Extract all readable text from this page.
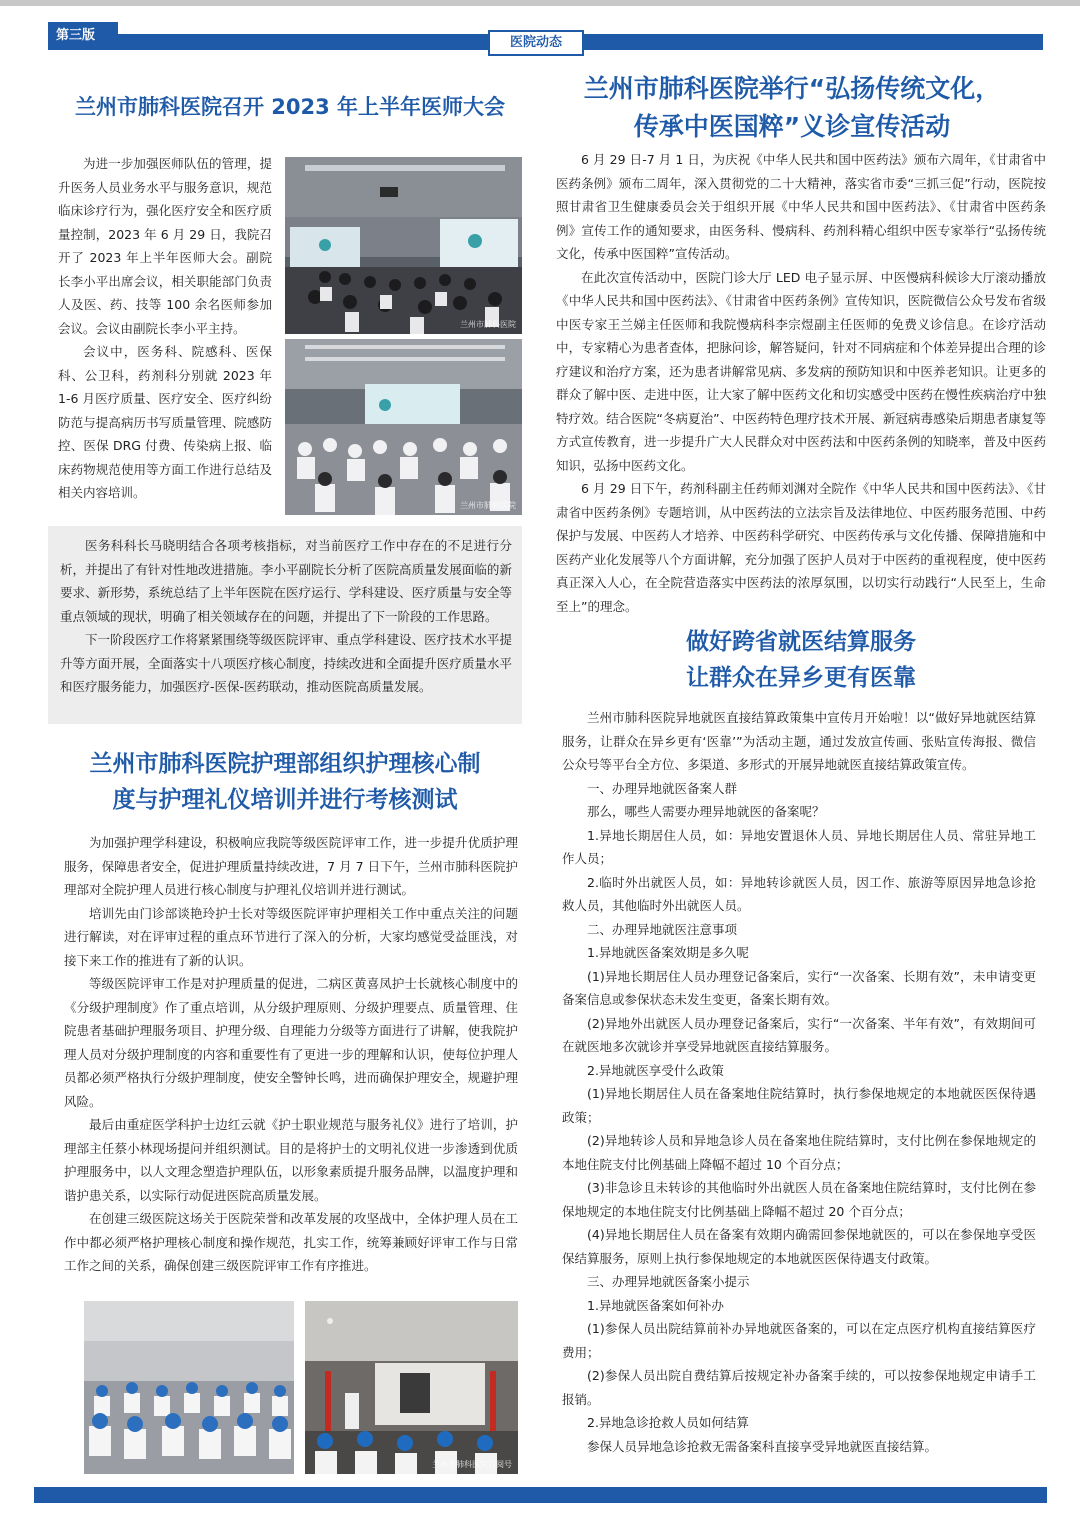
第三版	医院动态
兰州市肺科医院召开 2023 年上半年医师大会

为进一步加强医师队伍的管理，提升医务人员业务水平与服务意识，规范临床诊疗行为，强化医疗安全和医疗质量控制，2023 年 6 月 29 日，我院召开了 2023 年上半年医师大会。副院长李小平出席会议，相关职能部门负责人及医、药、技等 100 余名医师参加会议。会议由副院长李小平主持。

会议中，医务科、院感科、医保科、公卫科，药剂科分别就 2023 年 1-6 月医疗质量、医疗安全、医疗纠纷防范与提高病历书写质量管理、院感防控、医保 DRG 付费、传染病上报、临床药物规范使用等方面工作进行总结及相关内容培训。

兰州市肺科医院
兰州市肺科医院

医务科科长马晓明结合各项考核指标，对当前医疗工作中存在的不足进行分析，并提出了有针对性地改进措施。李小平副院长分析了医院高质量发展面临的新要求、新形势，系统总结了上半年医院在医疗运行、学科建设、医疗质量与安全等重点领域的现状，明确了相关领域存在的问题，并提出了下一阶段的工作思路。

下一阶段医疗工作将紧紧围绕等级医院评审、重点学科建设、医疗技术水平提升等方面开展，全面落实十八项医疗核心制度，持续改进和全面提升医疗质量水平和医疗服务能力，加强医疗-医保-医药联动，推动医院高质量发展。

兰州市肺科医院护理部组织护理核心制
度与护理礼仪培训并进行考核测试

为加强护理学科建设，积极响应我院等级医院评审工作，进一步提升优质护理服务，保障患者安全，促进护理质量持续改进，7 月 7 日下午，兰州市肺科医院护理部对全院护理人员进行核心制度与护理礼仪培训并进行测试。

培训先由门诊部谈艳玲护士长对等级医院评审护理相关工作中重点关注的问题进行解读，对在评审过程的重点环节进行了深入的分析，大家均感觉受益匪浅，对接下来工作的推进有了新的认识。

等级医院评审工作是对护理质量的促进，二病区黄喜凤护士长就核心制度中的《分级护理制度》作了重点培训，从分级护理原则、分级护理要点、质量管理、住院患者基础护理服务项目、护理分级、自理能力分级等方面进行了讲解，使我院护理人员对分级护理制度的内容和重要性有了更进一步的理解和认识，使每位护理人员都必须严格执行分级护理制度，使安全警钟长鸣，进而确保护理安全，规避护理风险。

最后由重症医学科护士边红云就《护士职业规范与服务礼仪》进行了培训，护理部主任蔡小林现场提问并组织测试。目的是将护士的文明礼仪进一步渗透到优质护理服务中，以人文理念塑造护理队伍，以形象素质提升服务品牌，以温度护理和谐护患关系，以实际行动促进医院高质量发展。

在创建三级医院这场关于医院荣誉和改革发展的攻坚战中，全体护理人员在工作中都必须严格护理核心制度和操作规范，扎实工作，统筹兼顾好评审工作与日常工作之间的关系，确保创建三级医院评审工作有序推进。

兰州市肺科医院订阅号
兰州市肺科医院举行“弘扬传统文化，
传承中医国粹”义诊宣传活动

6 月 29 日-7 月 1 日，为庆祝《中华人民共和国中医药法》颁布六周年，《甘肃省中医药条例》颁布二周年，深入贯彻党的二十大精神，落实省市委“三抓三促”行动，医院按照甘肃省卫生健康委员会关于组织开展《中华人民共和国中医药法》、《甘肃省中医药条例》宣传工作的通知要求，由医务科、慢病科、药剂科精心组织中医专家举行“弘扬传统文化，传承中医国粹”宣传活动。

在此次宣传活动中，医院门诊大厅 LED 电子显示屏、中医慢病科候诊大厅滚动播放《中华人民共和国中医药法》、《甘肃省中医药条例》宣传知识，医院微信公众号发布省级中医专家王兰娣主任医师和我院慢病科李宗煜副主任医师的免费义诊信息。在诊疗活动中，专家精心为患者查体，把脉问诊，解答疑问，针对不同病症和个体差异提出合理的诊疗建议和治疗方案，还为患者讲解常见病、多发病的预防知识和中医养老知识。让更多的群众了解中医、走进中医，让大家了解中医药文化和切实感受中医药在慢性疾病治疗中独特疗效。结合医院“冬病夏治”、中医药特色理疗技术开展、新冠病毒感染后期患者康复等方式宣传教育，进一步提升广大人民群众对中医药法和中医药条例的知晓率，普及中医药知识，弘扬中医药文化。

6 月 29 日下午，药剂科副主任药师刘渊对全院作《中华人民共和国中医药法》、《甘肃省中医药条例》专题培训，从中医药法的立法宗旨及法律地位、中医药服务范围、中药保护与发展、中医药人才培养、中医药科学研究、中医药传承与文化传播、保障措施和中医药产业化发展等八个方面讲解，充分加强了医护人员对于中医药的重视程度，使中医药真正深入人心，在全院营造落实中医药法的浓厚氛围，以切实行动践行“人民至上，生命至上”的理念。

做好跨省就医结算服务
让群众在异乡更有医靠

兰州市肺科医院异地就医直接结算政策集中宣传月开始啦！以“做好异地就医结算服务，让群众在异乡更有‘医靠’”为活动主题，通过发放宣传画、张贴宣传海报、微信公众号等平台全方位、多渠道、多形式的开展异地就医直接结算政策宣传。

一、办理异地就医备案人群

那么，哪些人需要办理异地就医的备案呢？

1.异地长期居住人员，如：异地安置退休人员、异地长期居住人员、常驻异地工作人员；

2.临时外出就医人员，如：异地转诊就医人员，因工作、旅游等原因异地急诊抢救人员，其他临时外出就医人员。

二、办理异地就医注意事项

1.异地就医备案效期是多久呢

(1)异地长期居住人员办理登记备案后，实行“一次备案、长期有效”，未申请变更备案信息或参保状态未发生变更，备案长期有效。

(2)异地外出就医人员办理登记备案后，实行“一次备案、半年有效”，有效期间可在就医地多次就诊并享受异地就医直接结算服务。

2.异地就医享受什么政策

(1)异地长期居住人员在备案地住院结算时，执行参保地规定的本地就医医保待遇政策；

(2)异地转诊人员和异地急诊人员在备案地住院结算时，支付比例在参保地规定的本地住院支付比例基础上降幅不超过 10 个百分点；

(3)非急诊且未转诊的其他临时外出就医人员在备案地住院结算时，支付比例在参保地规定的本地住院支付比例基础上降幅不超过 20 个百分点；

(4)异地长期居住人员在备案有效期内确需回参保地就医的，可以在参保地享受医保结算服务，原则上执行参保地规定的本地就医医保待遇支付政策。

三、办理异地就医备案小提示

1.异地就医备案如何补办

(1)参保人员出院结算前补办异地就医备案的，可以在定点医疗机构直接结算医疗费用；

(2)参保人员出院自费结算后按规定补办备案手续的，可以按参保地规定申请手工报销。

2.异地急诊抢救人员如何结算

参保人员异地急诊抢救无需备案科直接享受异地就医直接结算。
